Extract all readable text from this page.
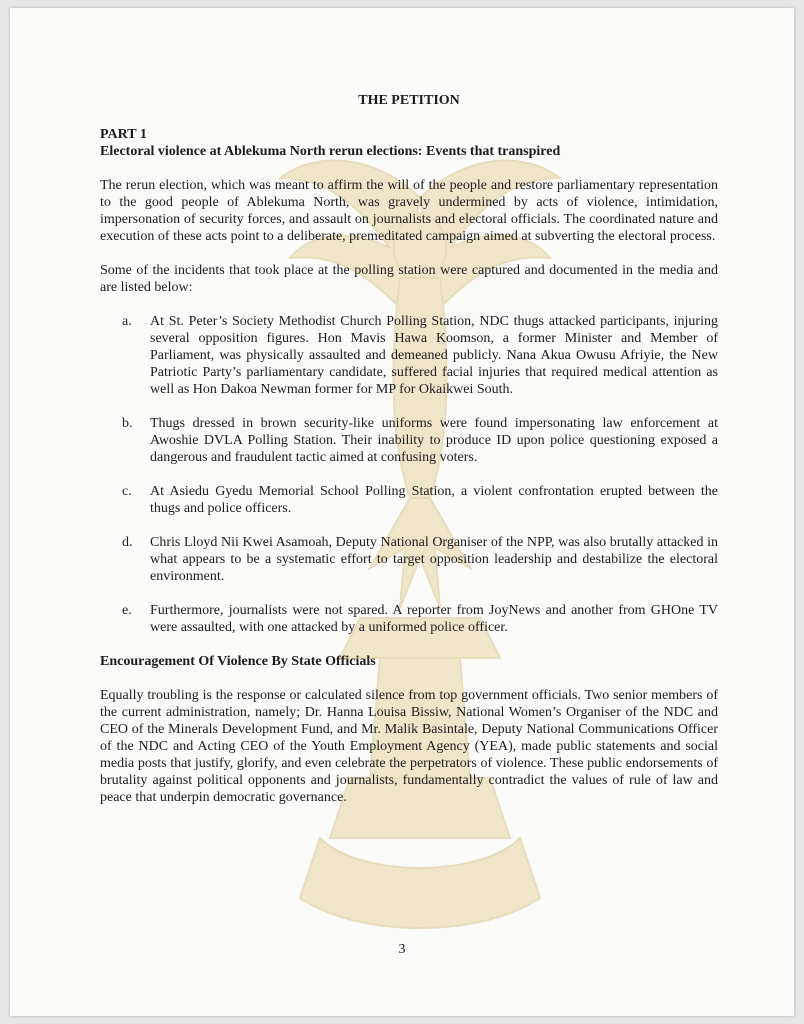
THE PETITION

PART 1

Electoral violence at Ablekuma North rerun elections: Events that transpired

The rerun election, which was meant to affirm the will of the people and restore parliamentary representation to the good people of Ablekuma North, was gravely undermined by acts of violence, intimidation, impersonation of security forces, and assault on journalists and electoral officials. The coordinated nature and execution of these acts point to a deliberate, premeditated campaign aimed at subverting the electoral process.

Some of the incidents that took place at the polling station were captured and documented in the media and are listed below:

a. At St. Peter’s Society Methodist Church Polling Station, NDC thugs attacked participants, injuring several opposition figures. Hon Mavis Hawa Koomson, a former Minister and Member of Parliament, was physically assaulted and demeaned publicly. Nana Akua Owusu Afriyie, the New Patriotic Party’s parliamentary candidate, suffered facial injuries that required medical attention as well as Hon Dakoa Newman former for MP for Okaikwei South.
b. Thugs dressed in brown security-like uniforms were found impersonating law enforcement at Awoshie DVLA Polling Station. Their inability to produce ID upon police questioning exposed a dangerous and fraudulent tactic aimed at confusing voters.
c. At Asiedu Gyedu Memorial School Polling Station, a violent confrontation erupted between the thugs and police officers.
d. Chris Lloyd Nii Kwei Asamoah, Deputy National Organiser of the NPP, was also brutally attacked in what appears to be a systematic effort to target opposition leadership and destabilize the electoral environment.
e. Furthermore, journalists were not spared. A reporter from JoyNews and another from GHOne TV were assaulted, with one attacked by a uniformed police officer.

Encouragement Of Violence By State Officials

Equally troubling is the response or calculated silence from top government officials. Two senior members of the current administration, namely; Dr. Hanna Louisa Bissiw, National Women’s Organiser of the NDC and CEO of the Minerals Development Fund, and Mr. Malik Basintale, Deputy National Communications Officer of the NDC and Acting CEO of the Youth Employment Agency (YEA), made public statements and social media posts that justify, glorify, and even celebrate the perpetrators of violence. These public endorsements of brutality against political opponents and journalists, fundamentally contradict the values of rule of law and peace that underpin democratic governance.

3
